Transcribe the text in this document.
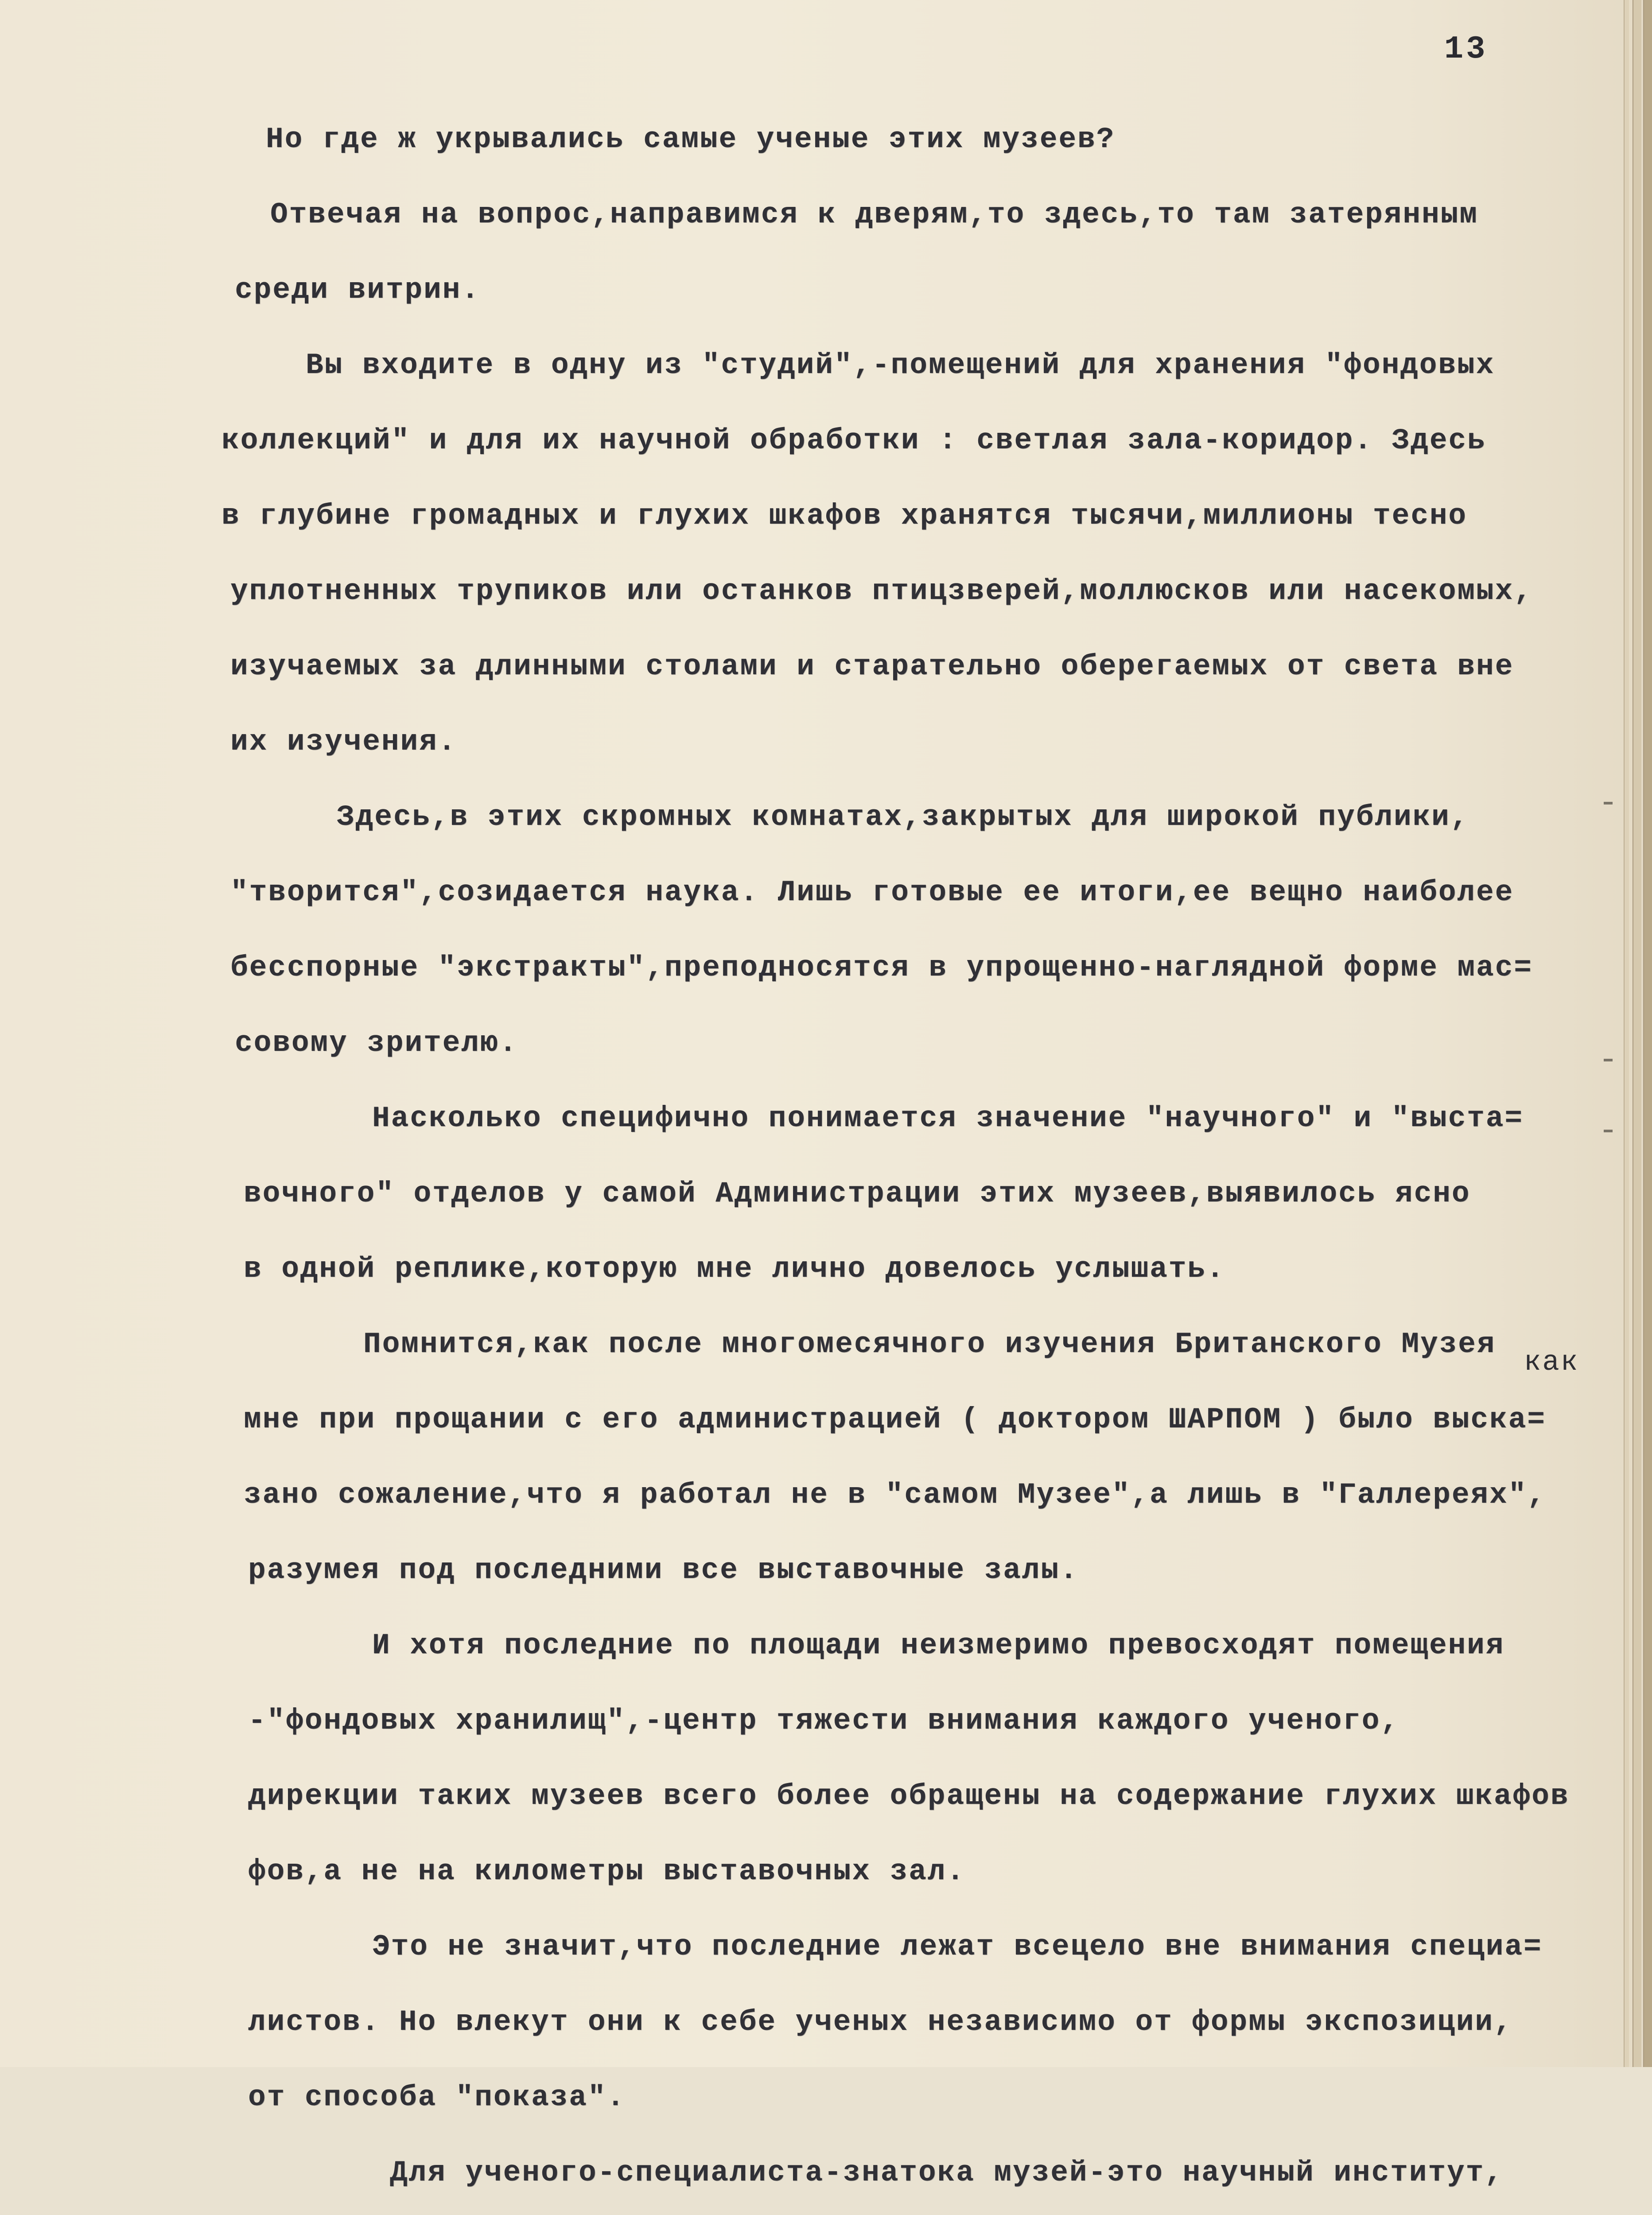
13
Но где ж укрывались самые ученые этих музеев?
Отвечая на вопрос,направимся к дверям,то здесь,то там затерянным
среди витрин.
Вы входите в одну из "студий",-помещений для хранения "фондовых
коллекций" и для их научной обработки : светлая зала-коридор. Здесь
в глубине громадных и глухих шкафов хранятся тысячи,миллионы тесно
уплотненных трупиков или останков птицзверей,моллюсков или насекомых,
изучаемых за длинными столами и старательно оберегаемых от света вне
их изучения.
Здесь,в этих скромных комнатах,закрытых для широкой публики,
"творится",созидается наука. Лишь готовые ее итоги,ее вещно наиболее
бесспорные "экстракты",преподносятся в упрощенно-наглядной форме мас=
совому зрителю.
Насколько специфично понимается значение "научного" и "выста=
вочного" отделов у самой Администрации этих музеев,выявилось ясно
в одной реплике,которую мне лично довелось услышать.
Помнится,как после многомесячного изучения Британского Музея
мне при прощании с его администрацией ( доктором ШАРПОМ ) было выска=
зано сожаление,что я работал не в "самом Музее",а лишь в "Галлереях",
разумея под последними все выставочные залы.
И хотя последние по площади неизмеримо превосходят помещения
-"фондовых хранилищ",-центр тяжести внимания каждого ученого,
дирекции таких музеев всего более обращены на содержание глухих шкафов
фов,а не на километры выставочных зал.
Это не значит,что последние лежат всецело вне внимания специа=
листов. Но влекут они к себе ученых независимо от формы экспозиции,
от способа "показа".
Для ученого-специалиста-знатока музей-это научный институт,
как
